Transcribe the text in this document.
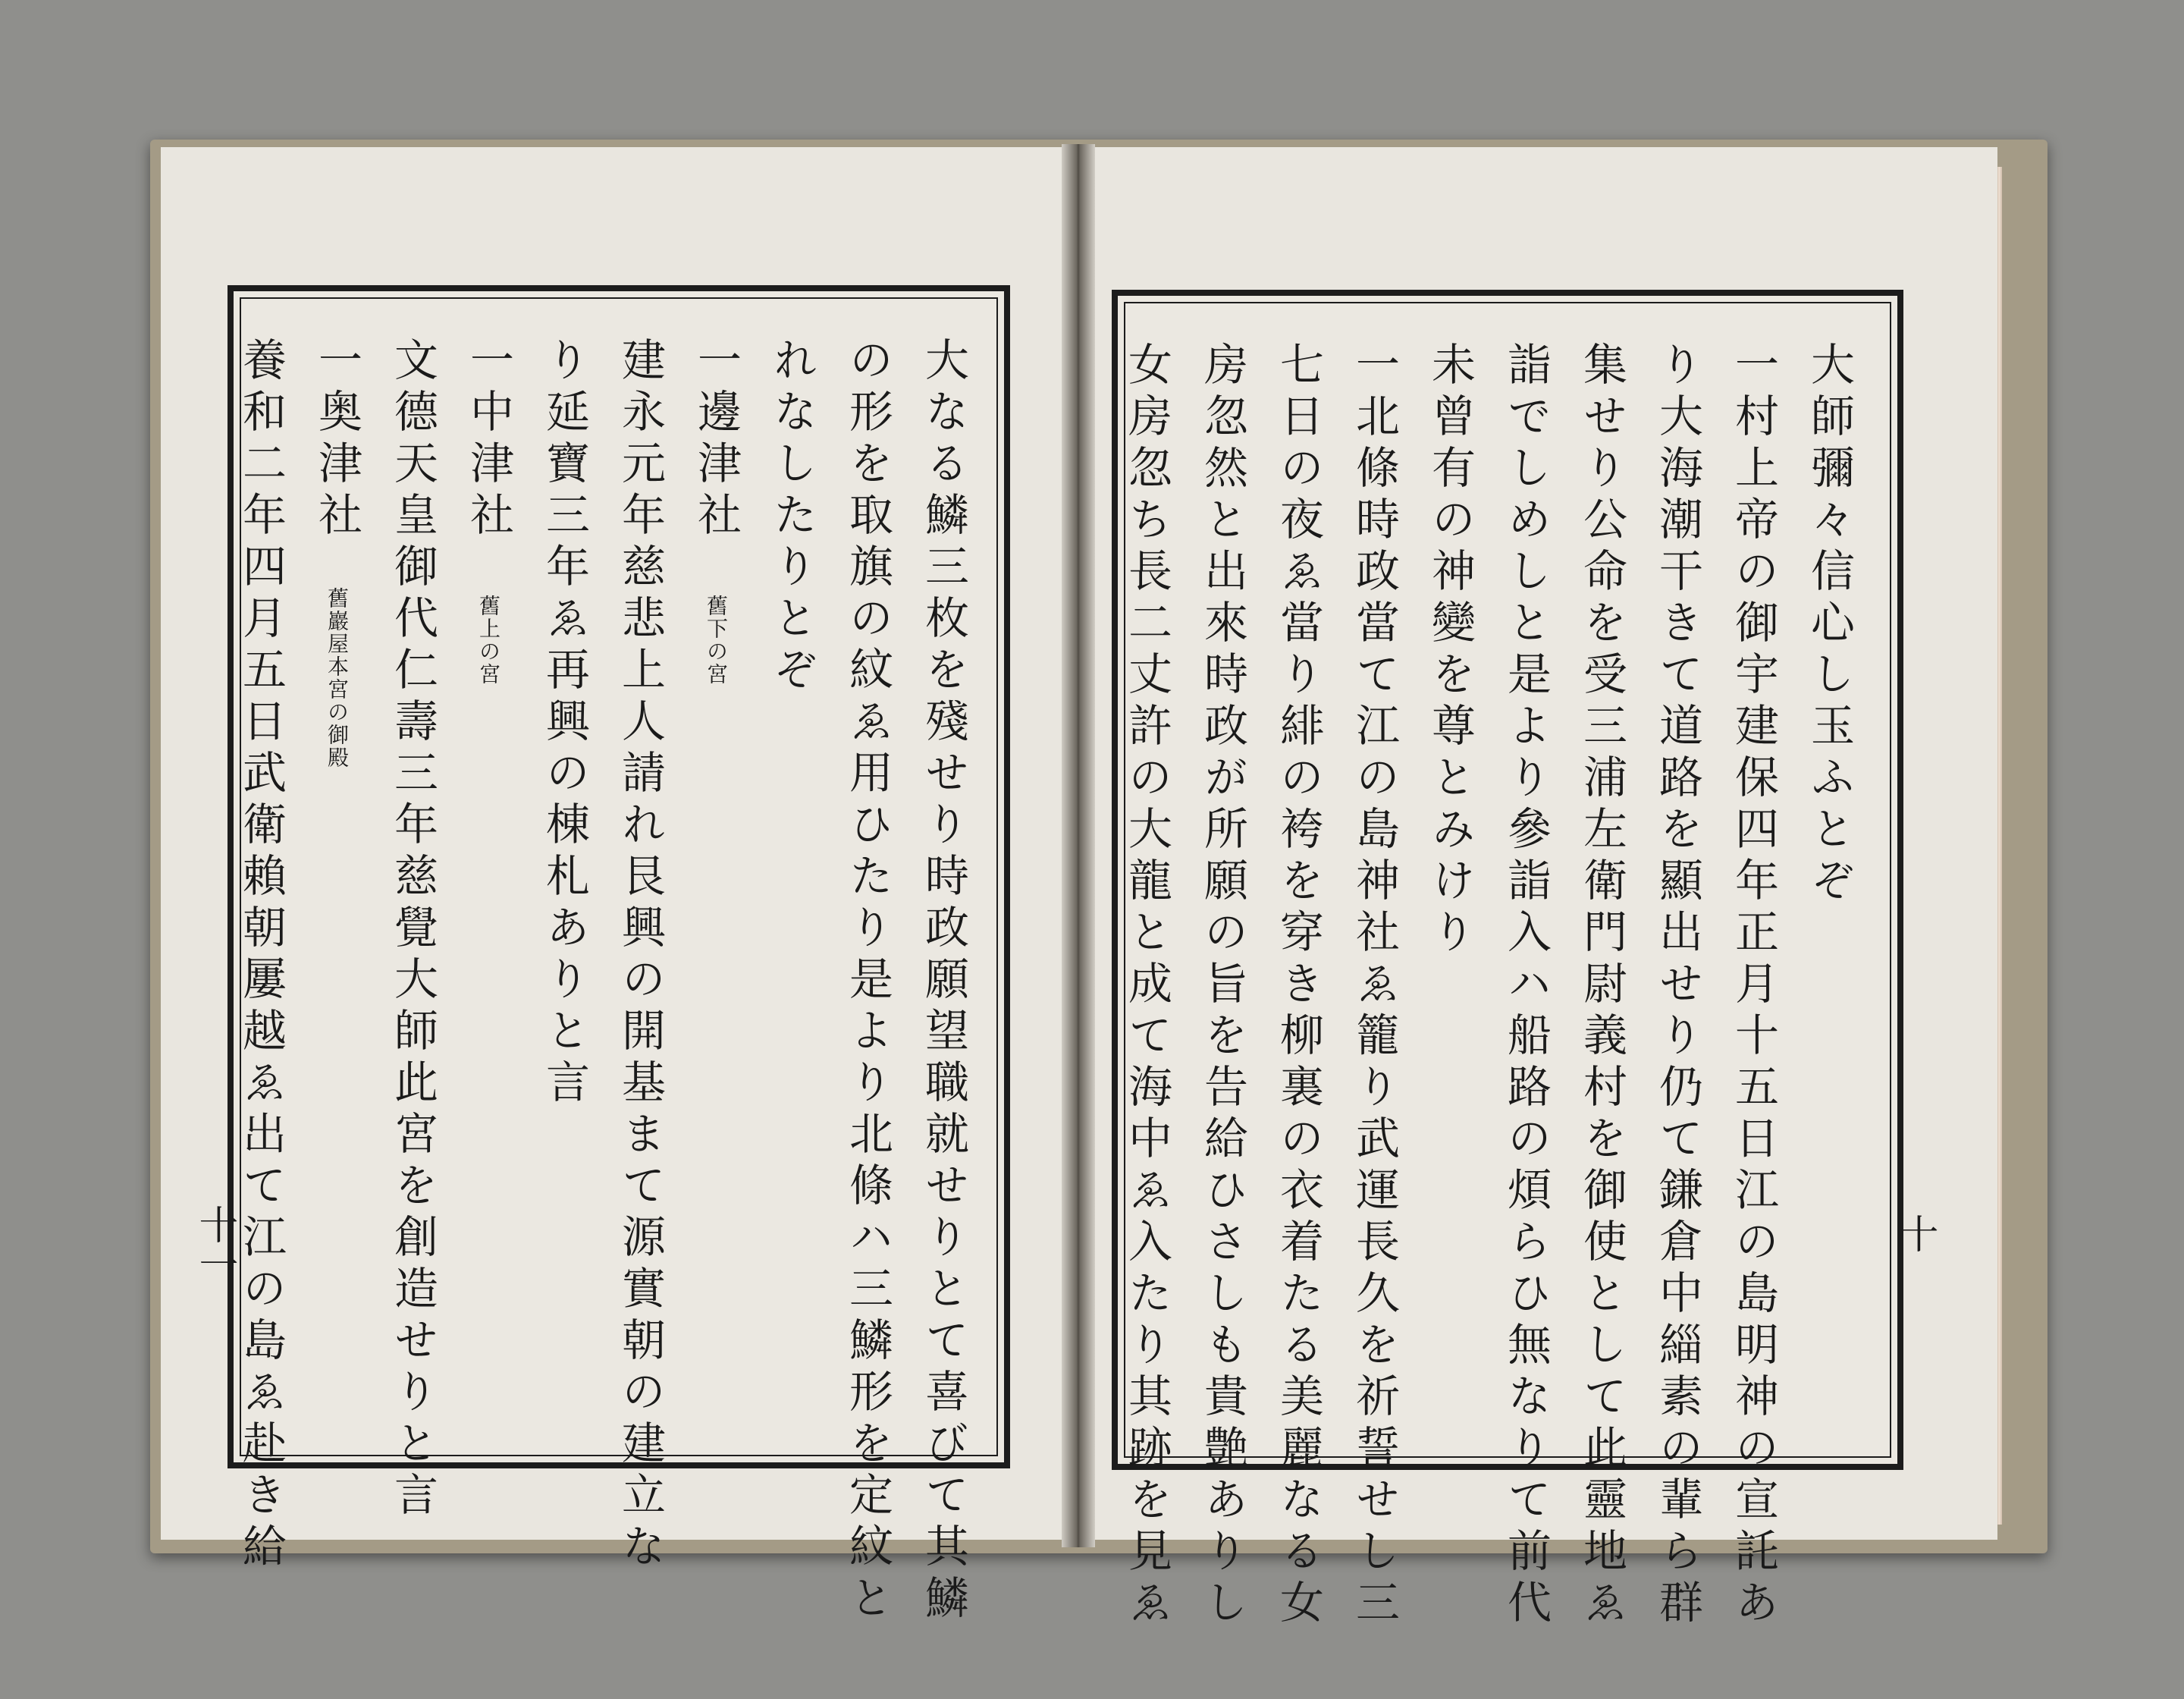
大なる鱗三枚を殘せり時政願望職就せりとて喜びて其鱗
の形を取旗の紋ゑ用ひたり是より北條ハ三鱗形を定紋と
れなしたりとぞ
一邊津社 舊下の宮
建永元年慈悲上人請れ艮興の開基まて源實朝の建立な
り延寶三年ゑ再興の棟札ありと言
一中津社 舊上の宮
文德天皇御代仁壽三年慈覺大師此宮を創造せりと言
一奥津社 舊巖屋本宮の御殿
養和二年四月五日武衛賴朝屢越ゑ出て江の島ゑ赴き給
十一
大師彌々信心し玉ふとぞ
一村上帝の御宇建保四年正月十五日江の島明神の宣託あ
り大海潮干きて道路を顯出せり仍て鎌倉中緇素の輩ら群
集せり公命を受三浦左衛門尉義村を御使として此靈地ゑ
詣でしめしと是より參詣入ハ船路の煩らひ無なりて前代
未曾有の神變を尊とみけり
一北條時政當て江の島神社ゑ籠り武運長久を祈誓せし三
七日の夜ゑ當り緋の袴を穿き柳裏の衣着たる美麗なる女
房忽然と出來時政が所願の旨を告給ひさしも貴艶ありし
女房忽ち長二丈許の大龍と成て海中ゑ入たり其跡を見ゑ	十
